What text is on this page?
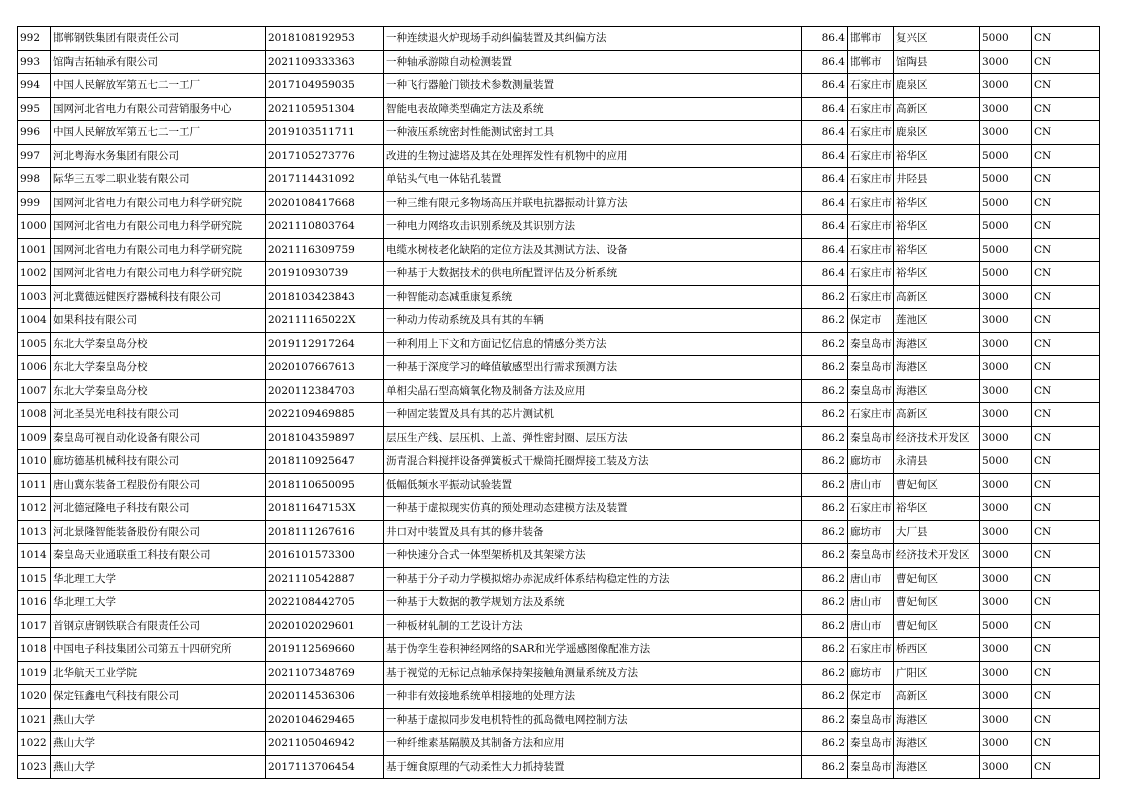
992	邯郸钢铁集团有限责任公司	2018108192953	一种连续退火炉现场手动纠偏装置及其纠偏方法	86.4	邯郸市	复兴区	5000	CN
993	馆陶吉拓轴承有限公司	2021109333363	一种轴承游隙自动检测装置	86.4	邯郸市	馆陶县	3000	CN
994	中国人民解放军第五七二一工厂	2017104959035	一种飞行器舱门锁技术参数测量装置	86.4	石家庄市	鹿泉区	3000	CN
995	国网河北省电力有限公司营销服务中心	2021105951304	智能电表故障类型确定方法及系统	86.4	石家庄市	高新区	3000	CN
996	中国人民解放军第五七二一工厂	2019103511711	一种液压系统密封性能测试密封工具	86.4	石家庄市	鹿泉区	3000	CN
997	河北粤海水务集团有限公司	2017105273776	改进的生物过滤塔及其在处理挥发性有机物中的应用	86.4	石家庄市	裕华区	5000	CN
998	际华三五零二职业装有限公司	2017114431092	单钻头气电一体钻孔装置	86.4	石家庄市	井陉县	5000	CN
999	国网河北省电力有限公司电力科学研究院	2020108417668	一种三维有限元多物场高压并联电抗器振动计算方法	86.4	石家庄市	裕华区	5000	CN
1000	国网河北省电力有限公司电力科学研究院	2021110803764	一种电力网络攻击识别系统及其识别方法	86.4	石家庄市	裕华区	5000	CN
1001	国网河北省电力有限公司电力科学研究院	2021116309759	电缆水树枝老化缺陷的定位方法及其测试方法、设备	86.4	石家庄市	裕华区	5000	CN
1002	国网河北省电力有限公司电力科学研究院	201910930739	一种基于大数据技术的供电所配置评估及分析系统	86.4	石家庄市	裕华区	5000	CN
1003	河北冀德远健医疗器械科技有限公司	2018103423843	一种智能动态减重康复系统	86.2	石家庄市	高新区	3000	CN
1004	如果科技有限公司	202111165022X	一种动力传动系统及具有其的车辆	86.2	保定市	莲池区	3000	CN
1005	东北大学秦皇岛分校	2019112917264	一种利用上下文和方面记忆信息的情感分类方法	86.2	秦皇岛市	海港区	3000	CN
1006	东北大学秦皇岛分校	2020107667613	一种基于深度学习的峰值敏感型出行需求预测方法	86.2	秦皇岛市	海港区	3000	CN
1007	东北大学秦皇岛分校	2020112384703	单相尖晶石型高熵氧化物及制备方法及应用	86.2	秦皇岛市	海港区	3000	CN
1008	河北圣昊光电科技有限公司	2022109469885	一种固定装置及具有其的芯片测试机	86.2	石家庄市	高新区	3000	CN
1009	秦皇岛可视自动化设备有限公司	2018104359897	层压生产线、层压机、上盖、弹性密封圈、层压方法	86.2	秦皇岛市	经济技术开发区	3000	CN
1010	廊坊德基机械科技有限公司	2018110925647	沥青混合料搅拌设备弹簧板式干燥筒托圈焊接工装及方法	86.2	廊坊市	永清县	5000	CN
1011	唐山冀东装备工程股份有限公司	2018110650095	低幅低频水平振动试验装置	86.2	唐山市	曹妃甸区	3000	CN
1012	河北德冠隆电子科技有限公司	201811647153X	一种基于虚拟现实仿真的预处理动态建模方法及装置	86.2	石家庄市	裕华区	3000	CN
1013	河北景隆智能装备股份有限公司	2018111267616	井口对中装置及具有其的修井装备	86.2	廊坊市	大厂县	3000	CN
1014	秦皇岛天业通联重工科技有限公司	2016101573300	一种快速分合式一体型架桥机及其架梁方法	86.2	秦皇岛市	经济技术开发区	3000	CN
1015	华北理工大学	2021110542887	一种基于分子动力学模拟熔办赤泥成纤体系结构稳定性的方法	86.2	唐山市	曹妃甸区	3000	CN
1016	华北理工大学	2022108442705	一种基于大数据的教学规划方法及系统	86.2	唐山市	曹妃甸区	3000	CN
1017	首钢京唐钢铁联合有限责任公司	2020102029601	一种板材轧制的工艺设计方法	86.2	唐山市	曹妃甸区	5000	CN
1018	中国电子科技集团公司第五十四研究所	2019112569660	基于伪孪生卷积神经网络的SAR和光学遥感图像配准方法	86.2	石家庄市	桥西区	3000	CN
1019	北华航天工业学院	2021107348769	基于视觉的无标记点轴承保持架接触角测量系统及方法	86.2	廊坊市	广阳区	3000	CN
1020	保定钰鑫电气科技有限公司	2020114536306	一种非有效接地系统单相接地的处理方法	86.2	保定市	高新区	3000	CN
1021	燕山大学	2020104629465	一种基于虚拟同步发电机特性的孤岛微电网控制方法	86.2	秦皇岛市	海港区	3000	CN
1022	燕山大学	2021105046942	一种纤维素基隔膜及其制备方法和应用	86.2	秦皇岛市	海港区	3000	CN
1023	燕山大学	2017113706454	基于缠食原理的气动柔性大力抓持装置	86.2	秦皇岛市	海港区	3000	CN
